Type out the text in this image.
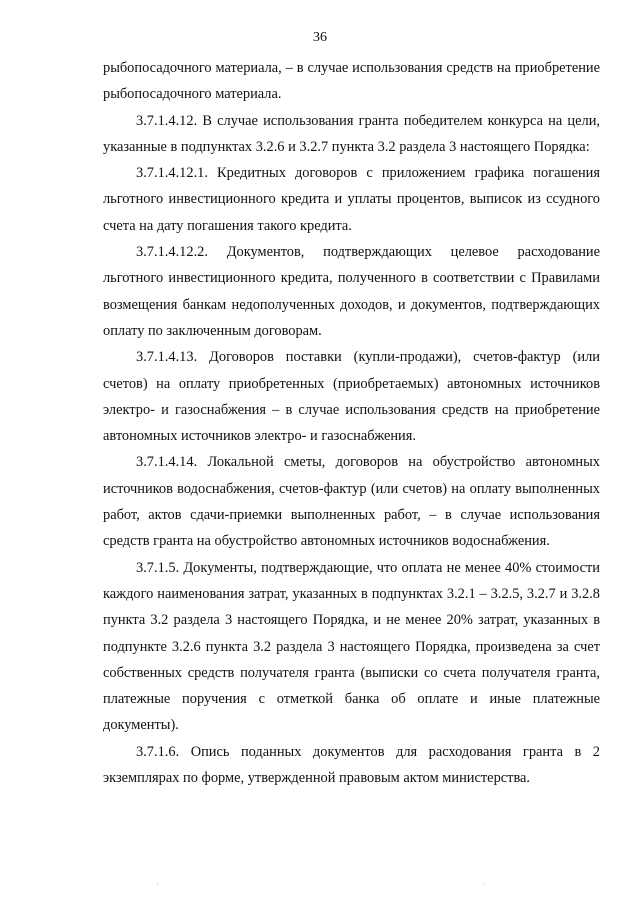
36

рыбопосадочного материала, – в случае использования средств на приобретение рыбопосадочного материала.

3.7.1.4.12. В случае использования гранта победителем конкурса на цели, указанные в подпунктах 3.2.6 и 3.2.7 пункта 3.2 раздела 3 настоящего Порядка:

3.7.1.4.12.1. Кредитных договоров с приложением графика погашения льготного инвестиционного кредита и уплаты процентов, выписок из ссудного счета на дату погашения такого кредита.

3.7.1.4.12.2. Документов, подтверждающих целевое расходование льготного инвестиционного кредита, полученного в соответствии с Правилами возмещения банкам недополученных доходов, и документов, подтверждающих оплату по заключенным договорам.

3.7.1.4.13. Договоров поставки (купли-продажи), счетов-фактур (или счетов) на оплату приобретенных (приобретаемых) автономных источников электро- и газоснабжения – в случае использования средств на приобретение автономных источников электро- и газоснабжения.

3.7.1.4.14. Локальной сметы, договоров на обустройство автономных источников водоснабжения, счетов-фактур (или счетов) на оплату выполненных работ, актов сдачи-приемки выполненных работ, – в случае использования средств гранта на обустройство автономных источников водоснабжения.

3.7.1.5. Документы, подтверждающие, что оплата не менее 40% стоимости каждого наименования затрат, указанных в подпунктах 3.2.1 – 3.2.5, 3.2.7 и 3.2.8 пункта 3.2 раздела 3 настоящего Порядка, и не менее 20% затрат, указанных в подпункте 3.2.6 пункта 3.2 раздела 3 настоящего Порядка, произведена за счет собственных средств получателя гранта (выписки со счета получателя гранта, платежные поручения с отметкой банка об оплате и иные платежные документы).

3.7.1.6. Опись поданных документов для расходования гранта в 2 экземплярах по форме, утвержденной правовым актом министерства.
